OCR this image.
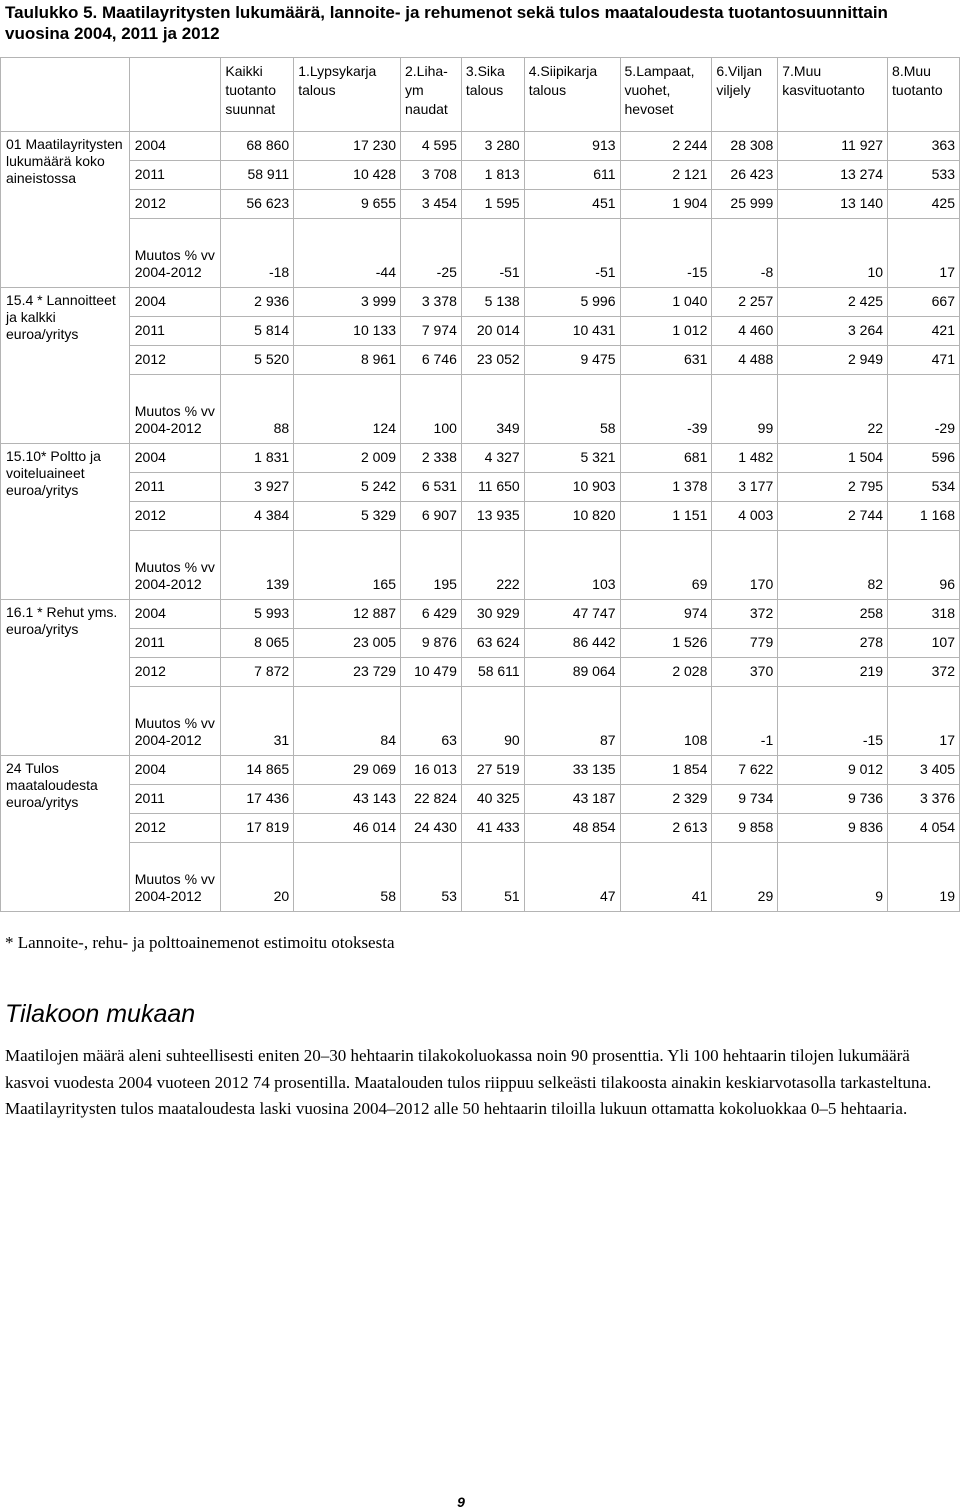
Taulukko 5. Maatilayritysten lukumäärä, lannoite- ja rehumenot sekä tulos maataloudesta tuotantosuunnittain vuosina 2004, 2011 ja 2012
		Kaikki tuotanto suunnat	1.Lypsykarja talous	2.Liha-ym naudat	3.Sika talous	4.Siipikarja talous	5.Lampaat, vuohet, hevoset	6.Viljan viljely	7.Muu kasvituotanto	8.Muu tuotanto
01 Maatilayritysten lukumäärä koko aineistossa	2004	68 860	17 230	4 595	3 280	913	2 244	28 308	11 927	363
	2011	58 911	10 428	3 708	1 813	611	2 121	26 423	13 274	533
	2012	56 623	9 655	3 454	1 595	451	1 904	25 999	13 140	425
	Muutos % vv 2004-2012	-18	-44	-25	-51	-51	-15	-8	10	17
15.4 * Lannoitteet ja kalkki euroa/yritys	2004	2 936	3 999	3 378	5 138	5 996	1 040	2 257	2 425	667
	2011	5 814	10 133	7 974	20 014	10 431	1 012	4 460	3 264	421
	2012	5 520	8 961	6 746	23 052	9 475	631	4 488	2 949	471
	Muutos % vv 2004-2012	88	124	100	349	58	-39	99	22	-29
15.10* Poltto ja voiteluaineet euroa/yritys	2004	1 831	2 009	2 338	4 327	5 321	681	1 482	1 504	596
	2011	3 927	5 242	6 531	11 650	10 903	1 378	3 177	2 795	534
	2012	4 384	5 329	6 907	13 935	10 820	1 151	4 003	2 744	1 168
	Muutos % vv 2004-2012	139	165	195	222	103	69	170	82	96
16.1 * Rehut yms. euroa/yritys	2004	5 993	12 887	6 429	30 929	47 747	974	372	258	318
	2011	8 065	23 005	9 876	63 624	86 442	1 526	779	278	107
	2012	7 872	23 729	10 479	58 611	89 064	2 028	370	219	372
	Muutos % vv 2004-2012	31	84	63	90	87	108	-1	-15	17
24 Tulos maataloudesta euroa/yritys	2004	14 865	29 069	16 013	27 519	33 135	1 854	7 622	9 012	3 405
	2011	17 436	43 143	22 824	40 325	43 187	2 329	9 734	9 736	3 376
	2012	17 819	46 014	24 430	41 433	48 854	2 613	9 858	9 836	4 054
	Muutos % vv 2004-2012	20	58	53	51	47	41	29	9	19
* Lannoite-, rehu- ja polttoainemenot estimoitu otoksesta
Tilakoon mukaan
Maatilojen määrä aleni suhteellisesti eniten 20–30 hehtaarin tilakokoluokassa noin 90 prosenttia. Yli 100 hehtaarin tilojen lukumäärä kasvoi vuodesta 2004 vuoteen 2012 74 prosentilla. Maatalouden tulos riippuu selkeästi tilakoosta ainakin keskiarvotasolla tarkasteltuna. Maatilayritysten tulos maataloudesta laski vuosina 2004–2012 alle 50 hehtaarin tiloilla lukuun ottamatta kokoluokkaa 0–5 hehtaaria.
9
